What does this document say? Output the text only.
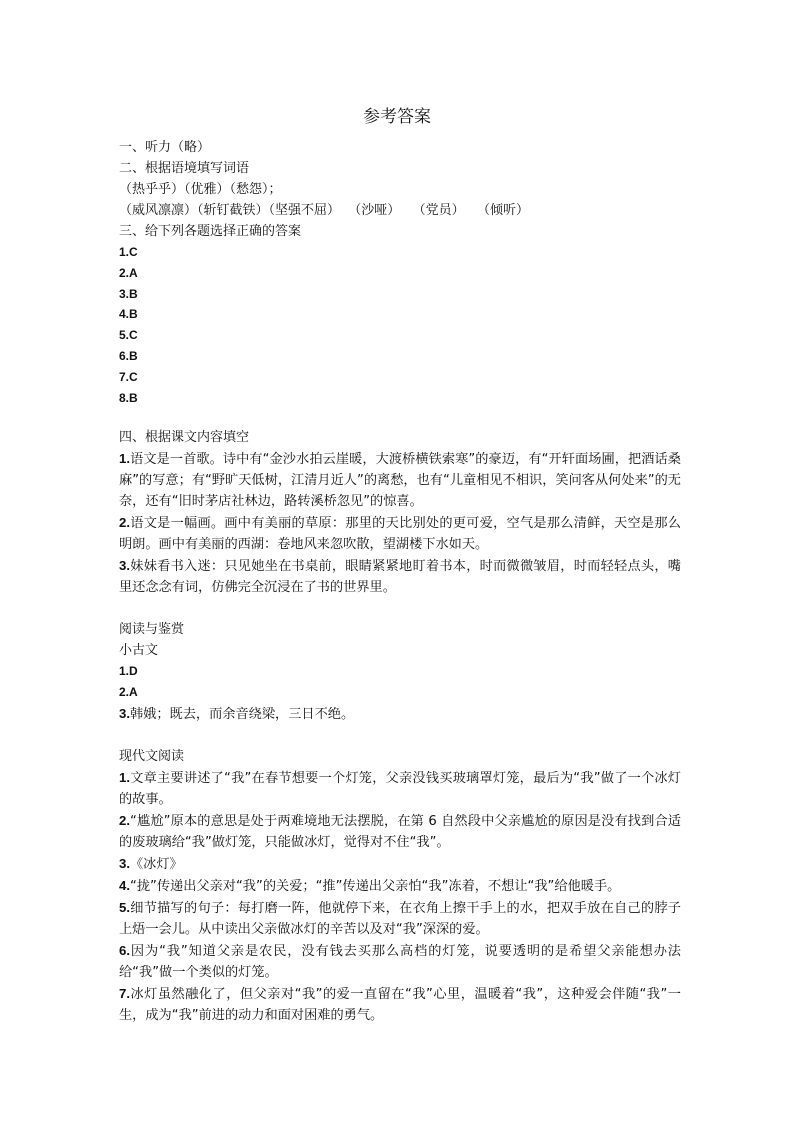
参考答案
一、听力（略）
二、根据语境填写词语
（热乎乎）（优雅）（愁怨）；
（威风凛凛）（斩钉截铁）（坚强不屈）  （沙哑）   （党员）   （倾听）
三、给下列各题选择正确的答案
1.C
2.A
3.B
4.B
5.C
6.B
7.C
8.B
四、根据课文内容填空
1.语文是一首歌。诗中有“金沙水拍云崖暖，大渡桥横铁索寒”的豪迈，有“开轩面场圃，把酒话桑麻”的写意；有“野旷天低树，江清月近人”的离愁，也有“儿童相见不相识，笑问客从何处来”的无奈，还有“旧时茅店社林边，路转溪桥忽见”的惊喜。
2.语文是一幅画。画中有美丽的草原：那里的天比别处的更可爱，空气是那么清鲜，天空是那么明朗。画中有美丽的西湖：卷地风来忽吹散，望湖楼下水如天。
3.妹妹看书入迷：只见她坐在书桌前，眼睛紧紧地盯着书本，时而微微皱眉，时而轻轻点头，嘴里还念念有词，仿佛完全沉浸在了书的世界里。
阅读与鉴赏
小古文
1.D
2.A
3.韩娥；既去，而余音绕梁，三日不绝。
现代文阅读
1.文章主要讲述了“我”在春节想要一个灯笼，父亲没钱买玻璃罩灯笼，最后为“我”做了一个冰灯的故事。
2.“尴尬”原本的意思是处于两难境地无法摆脱，在第 6 自然段中父亲尴尬的原因是没有找到合适的废玻璃给“我”做灯笼，只能做冰灯，觉得对不住“我”。
3.《冰灯》
4.“拢”传递出父亲对“我”的关爱；“推”传递出父亲怕“我”冻着，不想让“我”给他暖手。
5.细节描写的句子：每打磨一阵，他就停下来，在衣角上擦干手上的水，把双手放在自己的脖子上焐一会儿。从中读出父亲做冰灯的辛苦以及对“我”深深的爱。
6.因为“我”知道父亲是农民，没有钱去买那么高档的灯笼，说要透明的是希望父亲能想办法给“我”做一个类似的灯笼。
7.冰灯虽然融化了，但父亲对“我”的爱一直留在“我”心里，温暖着“我”，这种爱会伴随“我”一生，成为“我”前进的动力和面对困难的勇气。
